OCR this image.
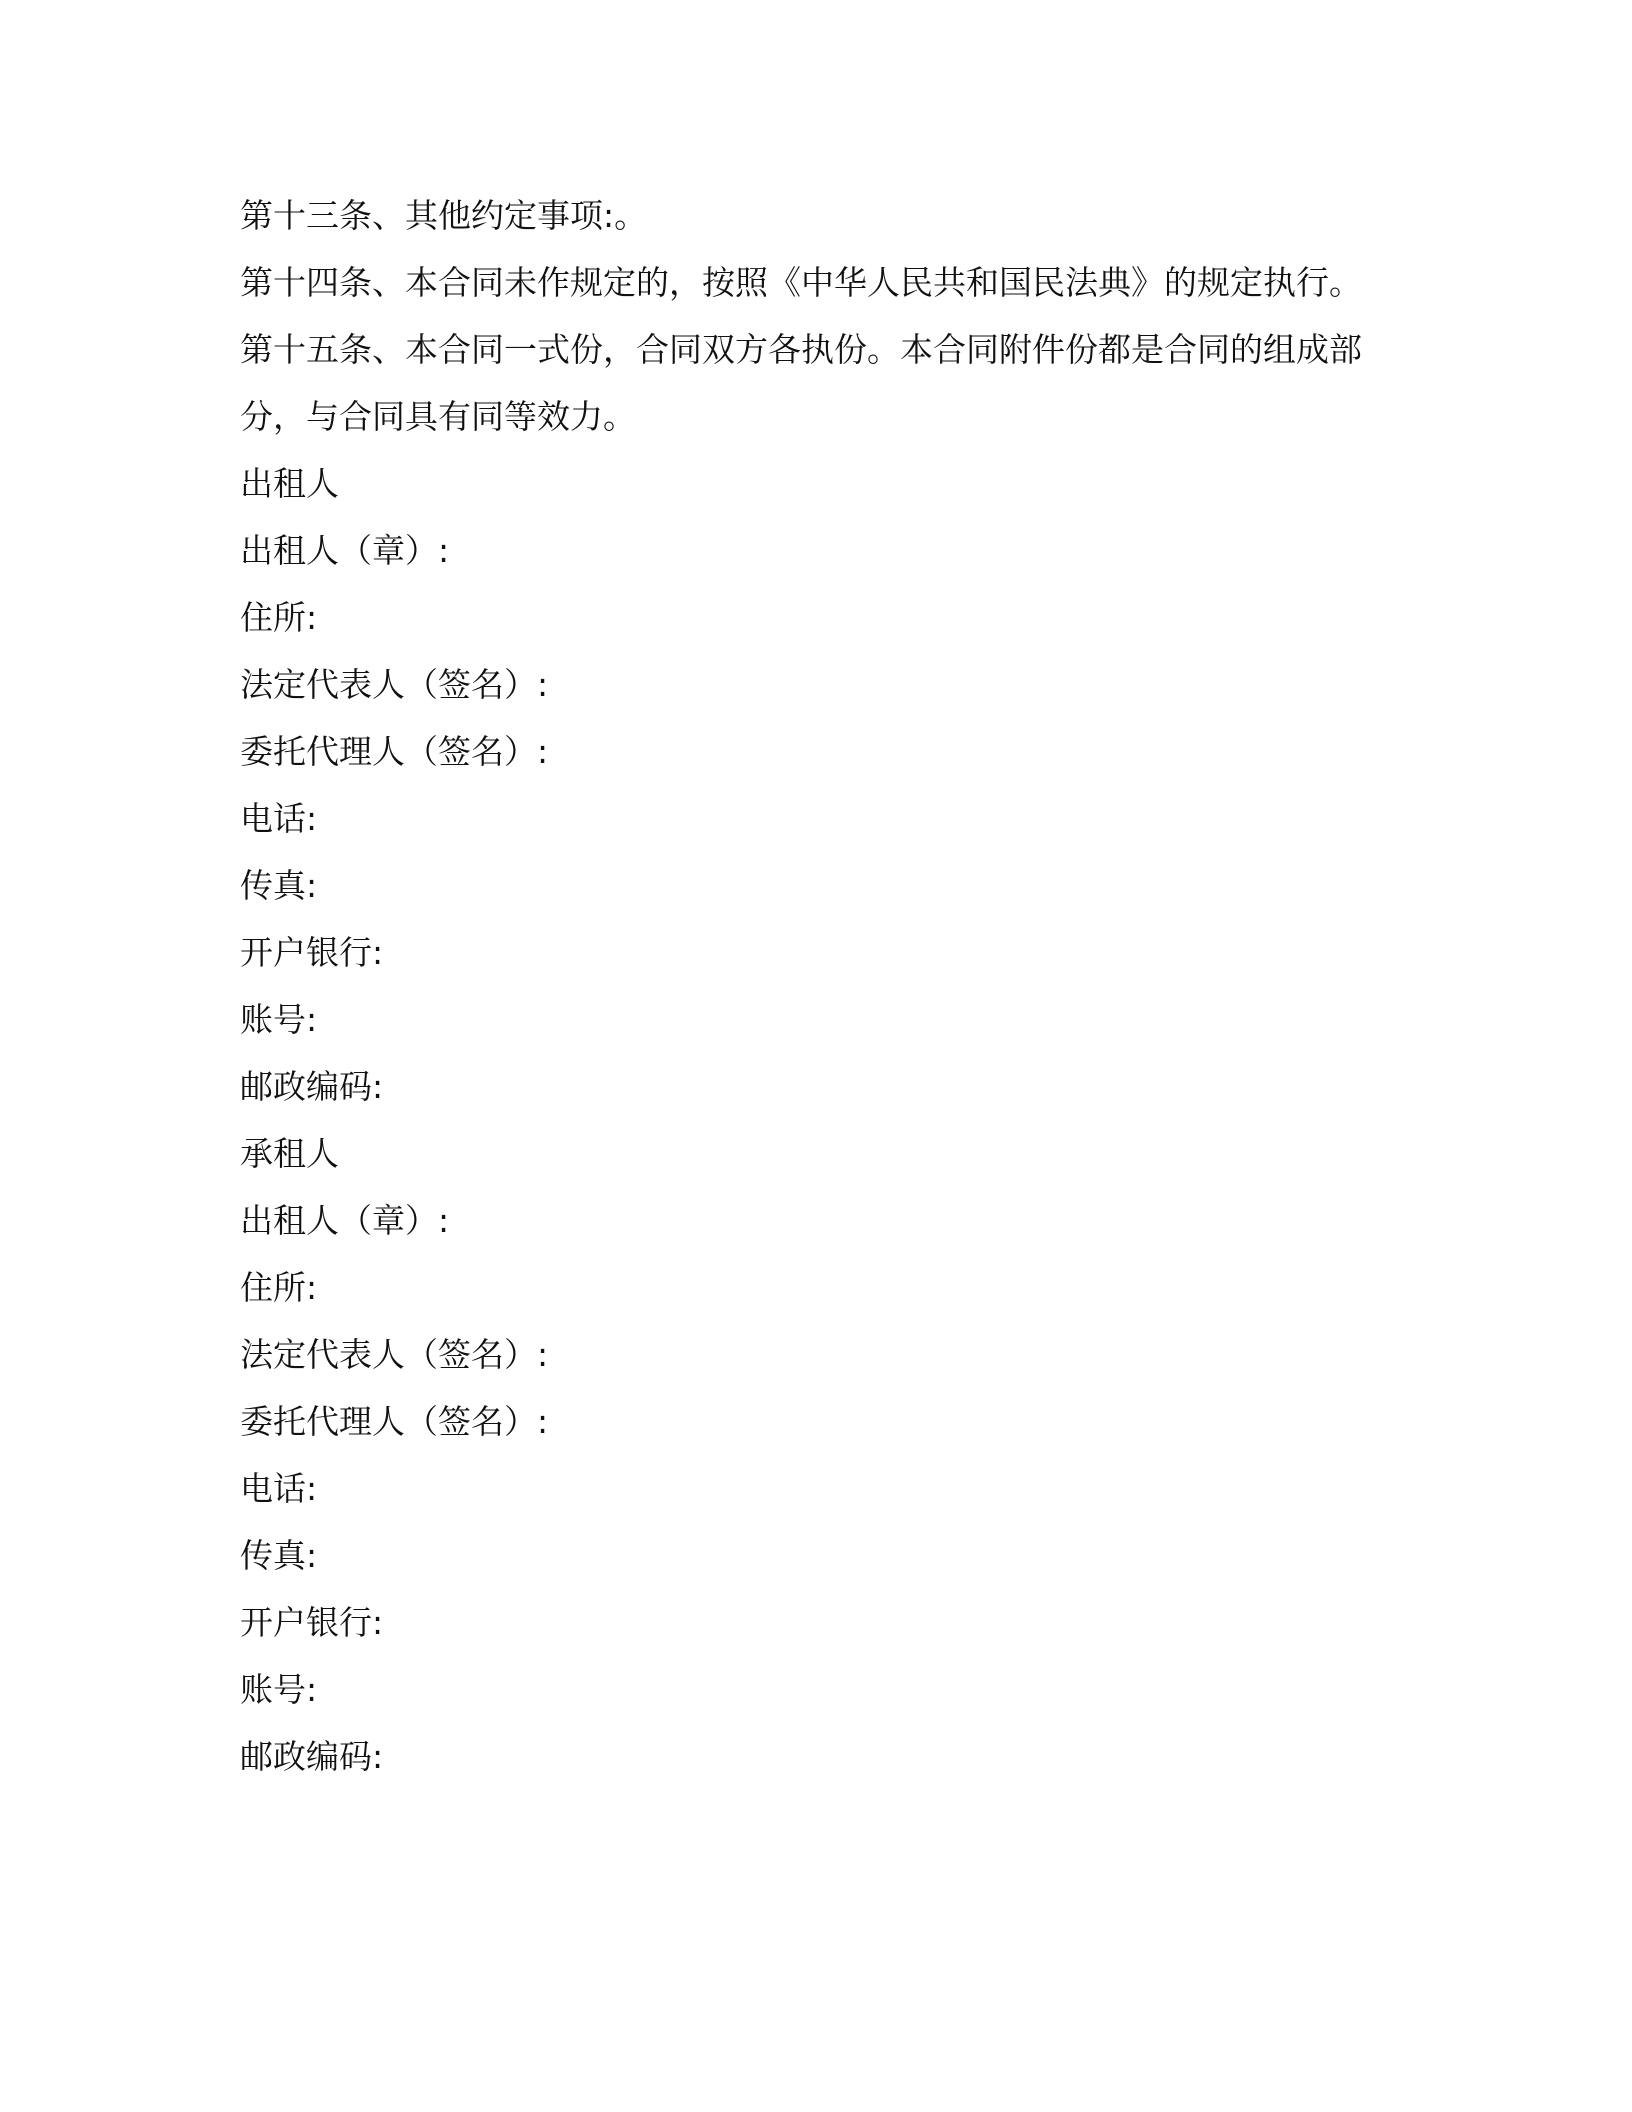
第十三条、其他约定事项:。

第十四条、本合同未作规定的，按照《中华人民共和国民法典》的规定执行。

第十五条、本合同一式份，合同双方各执份。本合同附件份都是合同的组成部分，与合同具有同等效力。

出租人

出租人（章）:

住所:

法定代表人（签名）:

委托代理人（签名）:

电话:

传真:

开户银行:

账号:

邮政编码:

承租人

出租人（章）:

住所:

法定代表人（签名）:

委托代理人（签名）:

电话:

传真:

开户银行:

账号:

邮政编码:
